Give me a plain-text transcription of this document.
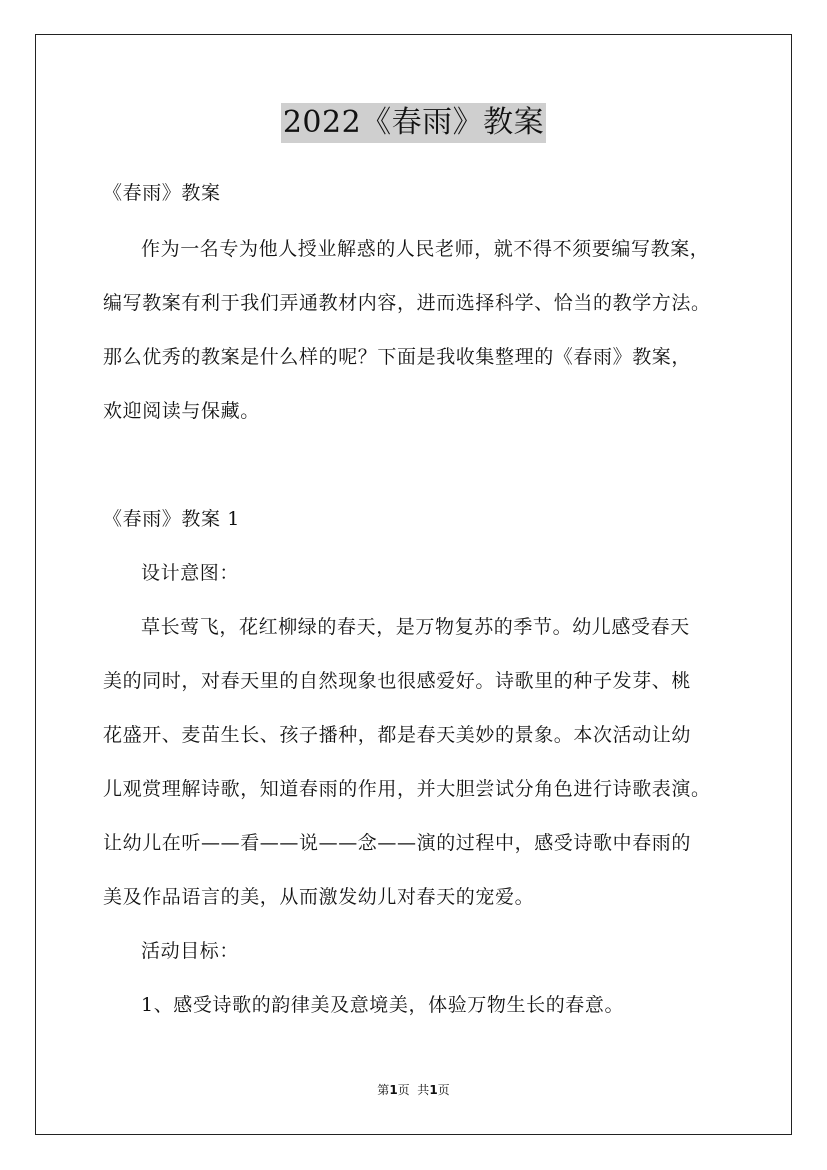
2022《春雨》教案
《春雨》教案
作为一名专为他人授业解惑的人民老师，就不得不须要编写教案，
编写教案有利于我们弄通教材内容，进而选择科学、恰当的教学方法。
那么优秀的教案是什么样的呢？下面是我收集整理的《春雨》教案，
欢迎阅读与保藏。
《春雨》教案 1
设计意图：
草长莺飞，花红柳绿的春天，是万物复苏的季节。幼儿感受春天
美的同时，对春天里的自然现象也很感爱好。诗歌里的种子发芽、桃
花盛开、麦苗生长、孩子播种，都是春天美妙的景象。本次活动让幼
儿观赏理解诗歌，知道春雨的作用，并大胆尝试分角色进行诗歌表演。
让幼儿在听——看——说——念——演的过程中，感受诗歌中春雨的
美及作品语言的美，从而激发幼儿对春天的宠爱。
活动目标：
1、感受诗歌的韵律美及意境美，体验万物生长的春意。
第1页  共1页
